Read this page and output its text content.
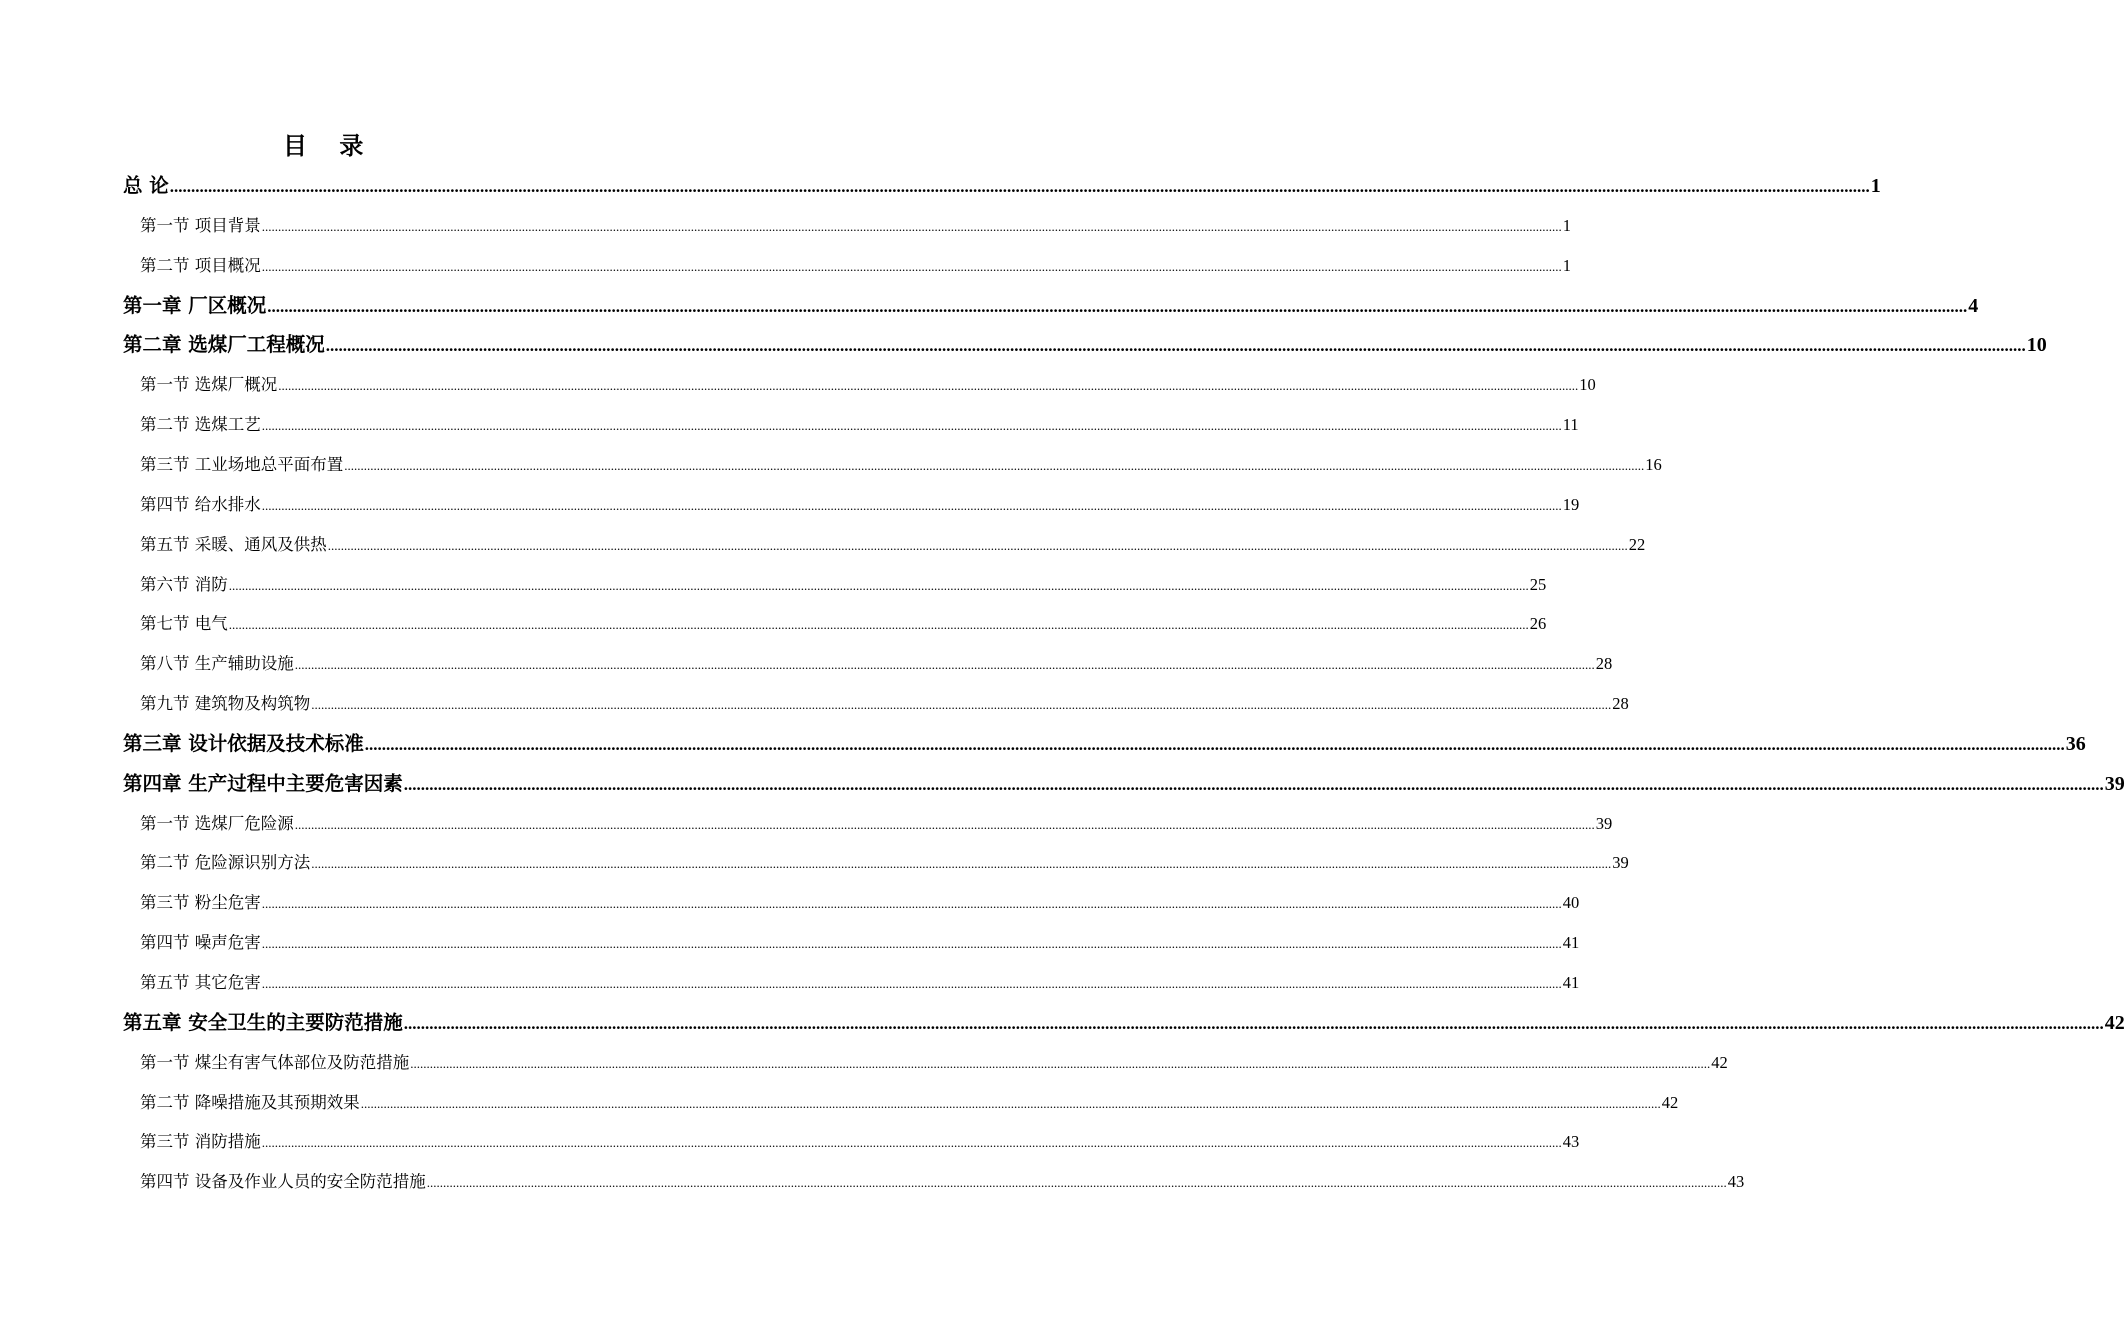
目 录
总 论 ................................................................................................................................................................................................................................................................................................................................................................................................................ 1
第一节 项目背景 ................................................................................................................................................................................................................................................................................................................................................................................................................ 1
第二节 项目概况 ................................................................................................................................................................................................................................................................................................................................................................................................................ 1
第一章 厂区概况 ................................................................................................................................................................................................................................................................................................................................................................................................................ 4
第二章 选煤厂工程概况 ................................................................................................................................................................................................................................................................................................................................................................................................................ 10
第一节 选煤厂概况 ................................................................................................................................................................................................................................................................................................................................................................................................................ 10
第二节 选煤工艺 ................................................................................................................................................................................................................................................................................................................................................................................................................ 11
第三节 工业场地总平面布置 ................................................................................................................................................................................................................................................................................................................................................................................................................ 16
第四节 给水排水 ................................................................................................................................................................................................................................................................................................................................................................................................................ 19
第五节 采暖、通风及供热 ................................................................................................................................................................................................................................................................................................................................................................................................................ 22
第六节 消防 ................................................................................................................................................................................................................................................................................................................................................................................................................ 25
第七节 电气 ................................................................................................................................................................................................................................................................................................................................................................................................................ 26
第八节 生产辅助设施 ................................................................................................................................................................................................................................................................................................................................................................................................................ 28
第九节 建筑物及构筑物 ................................................................................................................................................................................................................................................................................................................................................................................................................ 28
第三章 设计依据及技术标准 ................................................................................................................................................................................................................................................................................................................................................................................................................ 36
第四章 生产过程中主要危害因素 ................................................................................................................................................................................................................................................................................................................................................................................................................ 39
第一节 选煤厂危险源 ................................................................................................................................................................................................................................................................................................................................................................................................................ 39
第二节 危险源识别方法 ................................................................................................................................................................................................................................................................................................................................................................................................................ 39
第三节 粉尘危害 ................................................................................................................................................................................................................................................................................................................................................................................................................ 40
第四节 噪声危害 ................................................................................................................................................................................................................................................................................................................................................................................................................ 41
第五节 其它危害 ................................................................................................................................................................................................................................................................................................................................................................................................................ 41
第五章 安全卫生的主要防范措施 ................................................................................................................................................................................................................................................................................................................................................................................................................ 42
第一节 煤尘有害气体部位及防范措施 ................................................................................................................................................................................................................................................................................................................................................................................................................ 42
第二节 降噪措施及其预期效果 ................................................................................................................................................................................................................................................................................................................................................................................................................ 42
第三节 消防措施 ................................................................................................................................................................................................................................................................................................................................................................................................................ 43
第四节 设备及作业人员的安全防范措施 ................................................................................................................................................................................................................................................................................................................................................................................................................ 43
